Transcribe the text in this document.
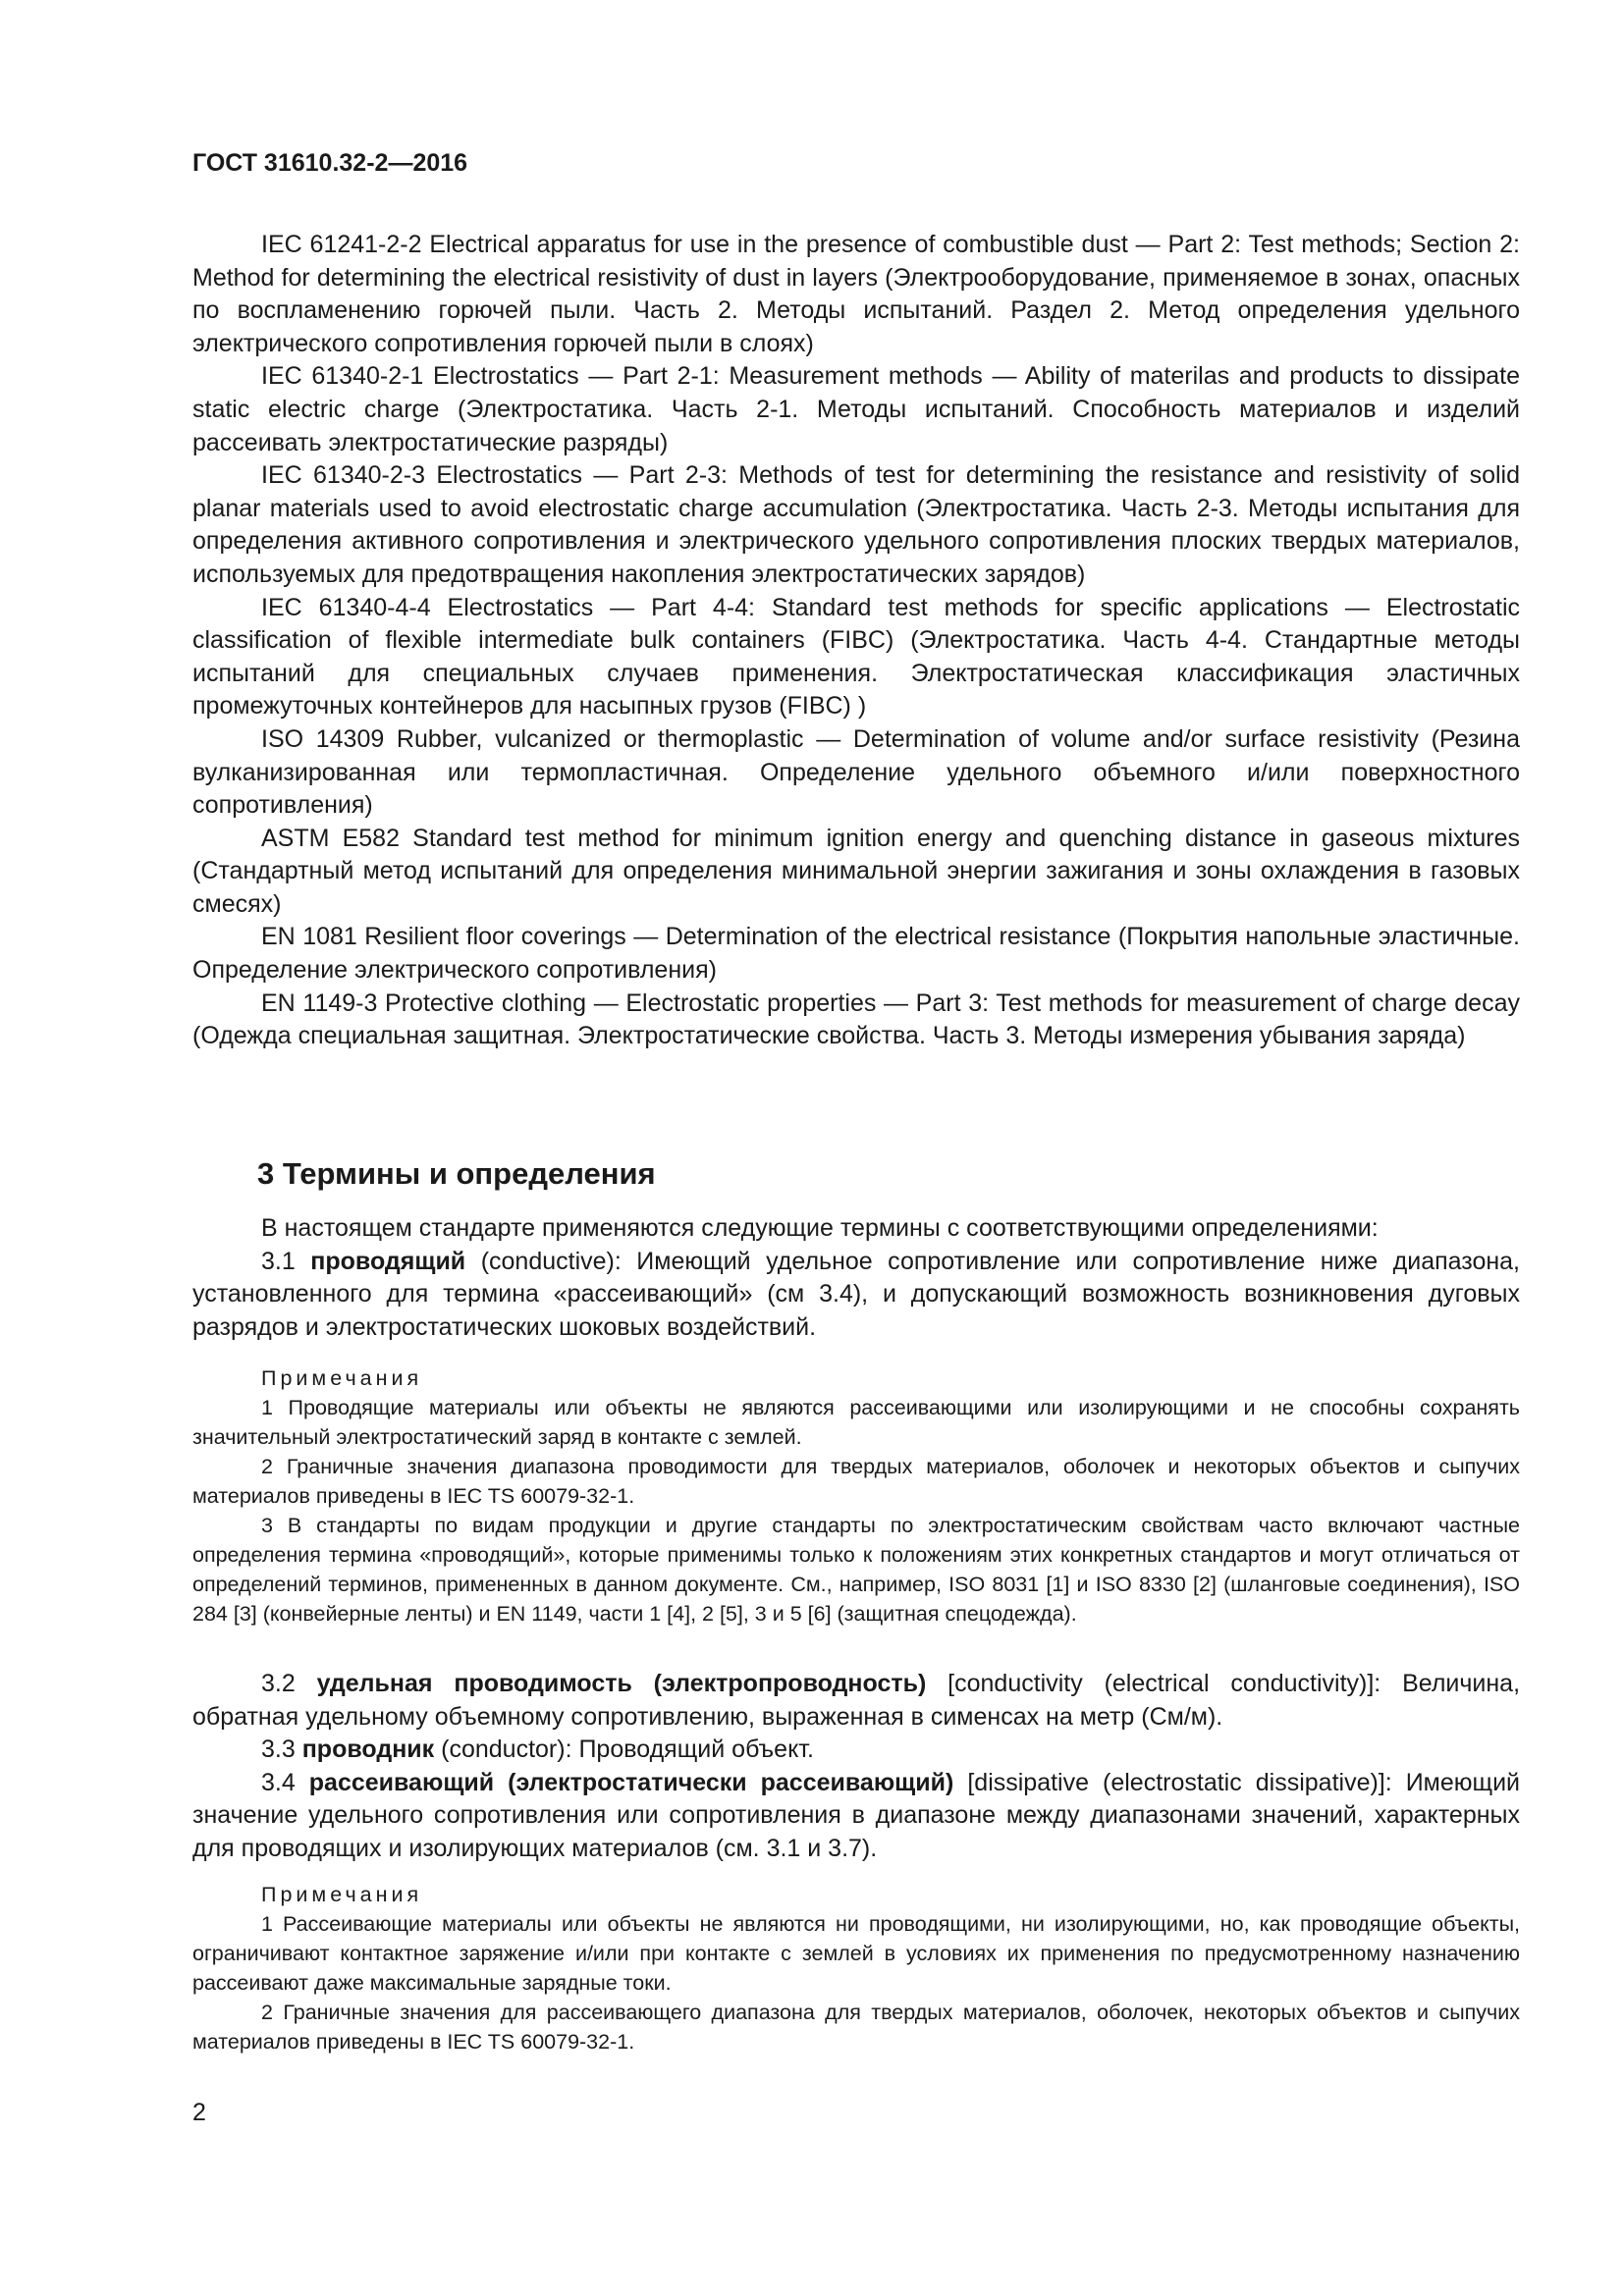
ГОСТ 31610.32-2—2016

IEC 61241-2-2 Electrical apparatus for use in the presence of combustible dust — Part 2: Test methods; Section 2: Method for determining the electrical resistivity of dust in layers (Электрооборудование, применяемое в зонах, опасных по воспламенению горючей пыли. Часть 2. Методы испытаний. Раздел 2. Метод определения удельного электрического сопротивления горючей пыли в слоях)

IEC 61340-2-1 Electrostatics — Part 2-1: Measurement methods — Ability of materilas and products to dissipate static electric charge (Электростатика. Часть 2-1. Методы испытаний. Способность материалов и изделий рассеивать электростатические разряды)

IEC 61340-2-3 Electrostatics — Part 2-3: Methods of test for determining the resistance and resistivity of solid planar materials used to avoid electrostatic charge accumulation (Электростатика. Часть 2-3. Методы испытания для определения активного сопротивления и электрического удельного сопротивления плоских твердых материалов, используемых для предотвращения накопления электростатических зарядов)

IEC 61340-4-4 Electrostatics — Part 4-4: Standard test methods for specific applications — Electrostatic classification of flexible intermediate bulk containers (FIBC) (Электростатика. Часть 4-4. Стандартные методы испытаний для специальных случаев применения. Электростатическая классификация эластичных промежуточных контейнеров для насыпных грузов (FIBC) )

ISO 14309 Rubber, vulcanized or thermoplastic — Determination of volume and/or surface resistivity (Резина вулканизированная или термопластичная. Определение удельного объемного и/или поверхностного сопротивления)

ASTM E582 Standard test method for minimum ignition energy and quenching distance in gaseous mixtures (Стандартный метод испытаний для определения минимальной энергии зажигания и зоны охлаждения в газовых смесях)

EN 1081 Resilient floor coverings — Determination of the electrical resistance (Покрытия напольные эластичные. Определение электрического сопротивления)

EN 1149-3 Protective clothing — Electrostatic properties — Part 3: Test methods for measurement of charge decay (Одежда специальная защитная. Электростатические свойства. Часть 3. Методы измерения убывания заряда)

3 Термины и определения

В настоящем стандарте применяются следующие термины с соответствующими определениями:

3.1 проводящий (conductive): Имеющий удельное сопротивление или сопротивление ниже диапазона, установленного для термина «рассеивающий» (см 3.4), и допускающий возможность возникновения дуговых разрядов и электростатических шоковых воздействий.

Примечания

1 Проводящие материалы или объекты не являются рассеивающими или изолирующими и не способны сохранять значительный электростатический заряд в контакте с землей.

2 Граничные значения диапазона проводимости для твердых материалов, оболочек и некоторых объектов и сыпучих материалов приведены в IEC TS 60079-32-1.

3 В стандарты по видам продукции и другие стандарты по электростатическим свойствам часто включают частные определения термина «проводящий», которые применимы только к положениям этих конкретных стандартов и могут отличаться от определений терминов, примененных в данном документе. См., например, ISO 8031 [1] и ISO 8330 [2] (шланговые соединения), ISO 284 [3] (конвейерные ленты) и EN 1149, части 1 [4], 2 [5], 3 и 5 [6] (защитная спецодежда).

3.2 удельная проводимость (электропроводность) [conductivity (electrical conductivity)]: Величина, обратная удельному объемному сопротивлению, выраженная в сименсах на метр (См/м).

3.3 проводник (conductor): Проводящий объект.

3.4 рассеивающий (электростатически рассеивающий) [dissipative (electrostatic dissipative)]: Имеющий значение удельного сопротивления или сопротивления в диапазоне между диапазонами значений, характерных для проводящих и изолирующих материалов (см. 3.1 и 3.7).

Примечания

1 Рассеивающие материалы или объекты не являются ни проводящими, ни изолирующими, но, как проводящие объекты, ограничивают контактное заряжение и/или при контакте с землей в условиях их применения по предусмотренному назначению рассеивают даже максимальные зарядные токи.

2 Граничные значения для рассеивающего диапазона для твердых материалов, оболочек, некоторых объектов и сыпучих материалов приведены в IEC TS 60079-32-1.

2
